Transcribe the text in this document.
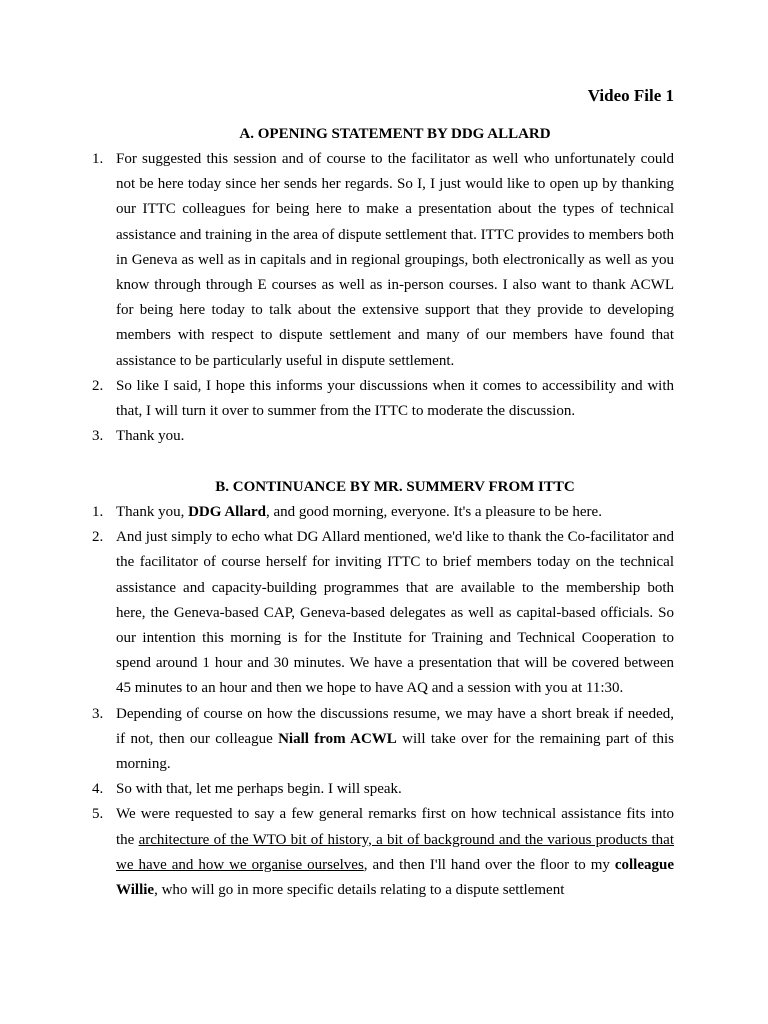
Video File 1
A. OPENING STATEMENT BY DDG ALLARD
1. For suggested this session and of course to the facilitator as well who unfortunately could not be here today since her sends her regards. So I, I just would like to open up by thanking our ITTC colleagues for being here to make a presentation about the types of technical assistance and training in the area of dispute settlement that. ITTC provides to members both in Geneva as well as in capitals and in regional groupings, both electronically as well as you know through through E courses as well as in-person courses. I also want to thank ACWL for being here today to talk about the extensive support that they provide to developing members with respect to dispute settlement and many of our members have found that assistance to be particularly useful in dispute settlement.
2. So like I said, I hope this informs your discussions when it comes to accessibility and with that, I will turn it over to summer from the ITTC to moderate the discussion.
3. Thank you.
B. CONTINUANCE BY MR. SUMMERV FROM ITTC
1. Thank you, DDG Allard, and good morning, everyone. It's a pleasure to be here.
2. And just simply to echo what DG Allard mentioned, we'd like to thank the Co-facilitator and the facilitator of course herself for inviting ITTC to brief members today on the technical assistance and capacity-building programmes that are available to the membership both here, the Geneva-based CAP, Geneva-based delegates as well as capital-based officials. So our intention this morning is for the Institute for Training and Technical Cooperation to spend around 1 hour and 30 minutes. We have a presentation that will be covered between 45 minutes to an hour and then we hope to have AQ and a session with you at 11:30.
3. Depending of course on how the discussions resume, we may have a short break if needed, if not, then our colleague Niall from ACWL will take over for the remaining part of this morning.
4. So with that, let me perhaps begin. I will speak.
5. We were requested to say a few general remarks first on how technical assistance fits into the architecture of the WTO bit of history, a bit of background and the various products that we have and how we organise ourselves, and then I'll hand over the floor to my colleague Willie, who will go in more specific details relating to a dispute settlement
